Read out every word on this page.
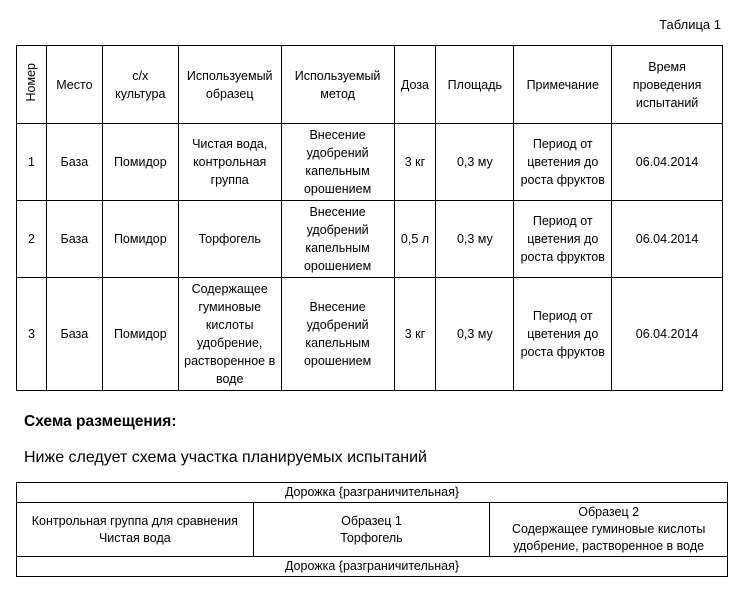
Таблица 1
Номер	Место	с/х культура	Используемый образец	Используемый метод	Доза	Площадь	Примечание	Время проведения испытаний
1	База	Помидор	Чистая вода, контрольная группа	Внесение удобрений капельным орошением	3 кг	0,3 му	Период от цветения до роста фруктов	06.04.2014
2	База	Помидор	Торфогель	Внесение удобрений капельным орошением	0,5 л	0,3 му	Период от цветения до роста фруктов	06.04.2014
3	База	Помидор	Содержащее гуминовые кислоты удобрение, растворенное в воде	Внесение удобрений капельным орошением	3 кг	0,3 му	Период от цветения до роста фруктов	06.04.2014
Схема размещения:
Ниже следует схема участка планируемых испытаний
Дорожка {разграничительная}

Контрольная группа для сравнения
Чистая вода

Образец 1
Торфогель

Образец 2
Содержащее гуминовые кислоты удобрение, растворенное в воде

Дорожка {разграничительная}
